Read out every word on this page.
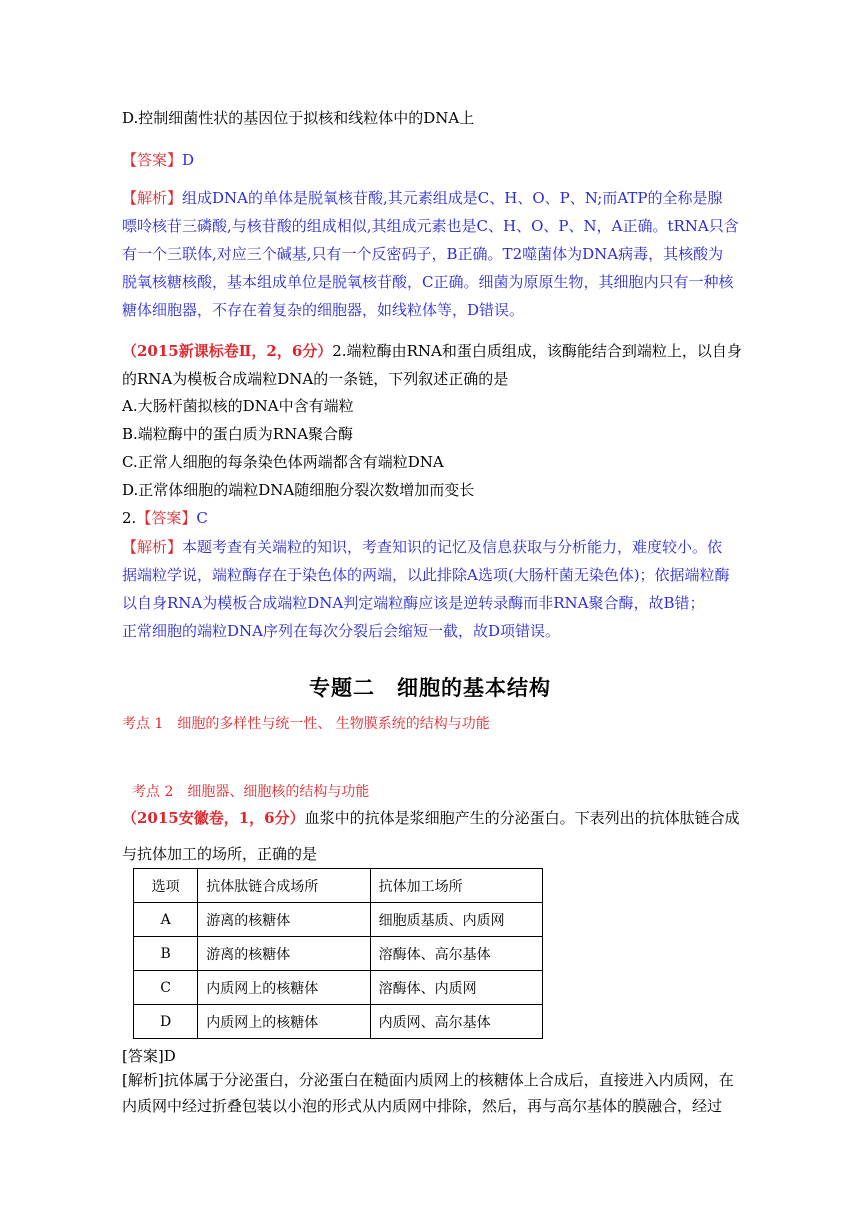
D.控制细菌性状的基因位于拟核和线粒体中的DNA上
【答案】D
【解析】组成DNA的单体是脱氧核苷酸,其元素组成是C、H、O、P、N;而ATP的全称是腺
嘌呤核苷三磷酸,与核苷酸的组成相似,其组成元素也是C、H、O、P、N，A正确。tRNA只含
有一个三联体,对应三个碱基,只有一个反密码子，B正确。T2噬菌体为DNA病毒，其核酸为
脱氧核糖核酸，基本组成单位是脱氧核苷酸，C正确。细菌为原原生物，其细胞内只有一种核
糖体细胞器，不存在着复杂的细胞器，如线粒体等，D错误。
（2015新课标卷Ⅱ，2，6分）2.端粒酶由RNA和蛋白质组成，该酶能结合到端粒上，以自身
的RNA为模板合成端粒DNA的一条链，下列叙述正确的是
A.大肠杆菌拟核的DNA中含有端粒
B.端粒酶中的蛋白质为RNA聚合酶
C.正常人细胞的每条染色体两端都含有端粒DNA
D.正常体细胞的端粒DNA随细胞分裂次数增加而变长
2.【答案】C
【解析】本题考查有关端粒的知识，考查知识的记忆及信息获取与分析能力，难度较小。依
据端粒学说，端粒酶存在于染色体的两端，以此排除A选项(大肠杆菌无染色体)；依据端粒酶
以自身RNA为模板合成端粒DNA判定端粒酶应该是逆转录酶而非RNA聚合酶，故B错；
正常细胞的端粒DNA序列在每次分裂后会缩短一截，故D项错误。
专题二　细胞的基本结构
考点 1　细胞的多样性与统一性、 生物膜系统的结构与功能
考点 2　细胞器、细胞核的结构与功能
（2015安徽卷，1，6分）血浆中的抗体是浆细胞产生的分泌蛋白。下表列出的抗体肽链合成
与抗体加工的场所，正确的是
选项	抗体肽链合成场所	抗体加工场所
A	游离的核糖体	细胞质基质、内质网
B	游离的核糖体	溶酶体、高尔基体
C	内质网上的核糖体	溶酶体、内质网
D	内质网上的核糖体	内质网、高尔基体
[答案]D
[解析]抗体属于分泌蛋白，分泌蛋白在糙面内质网上的核糖体上合成后，直接进入内质网，在
内质网中经过折叠包装以小泡的形式从内质网中排除，然后，再与高尔基体的膜融合，经过
